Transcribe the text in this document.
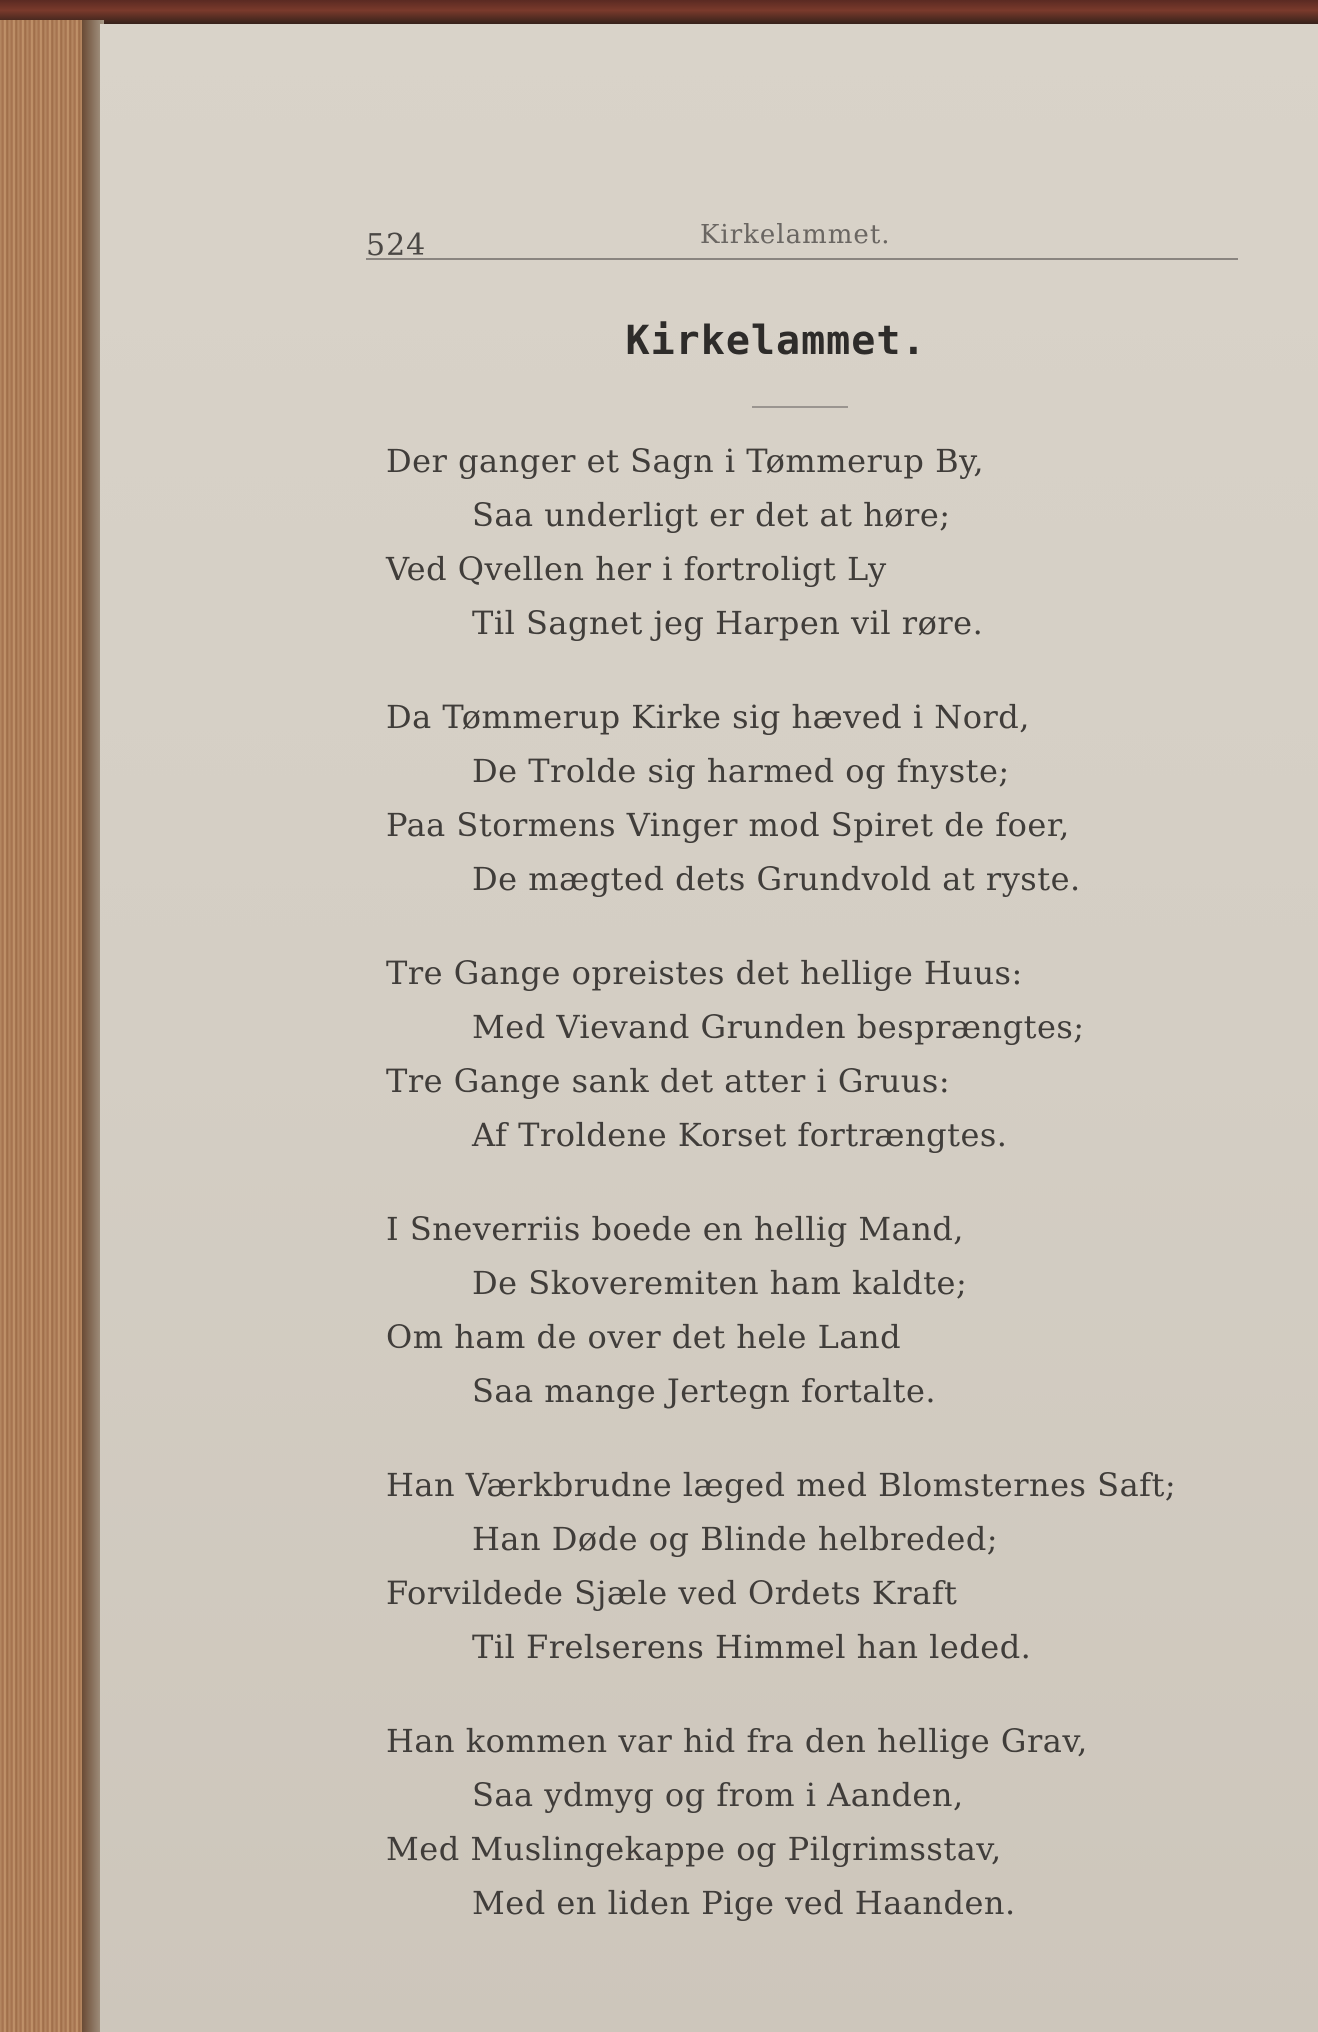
524	Kirkelammet.
Kirkelammet.
Der ganger et Sagn i Tømmerup By,
Saa underligt er det at høre;
Ved Qvellen her i fortroligt Ly
Til Sagnet jeg Harpen vil røre.
Da Tømmerup Kirke sig hæved i Nord,
De Trolde sig harmed og fnyste;
Paa Stormens Vinger mod Spiret de foer,
De mægted dets Grundvold at ryste.
Tre Gange opreistes det hellige Huus:
Med Vievand Grunden besprængtes;
Tre Gange sank det atter i Gruus:
Af Troldene Korset fortrængtes.
I Sneverriis boede en hellig Mand,
De Skoveremiten ham kaldte;
Om ham de over det hele Land
Saa mange Jertegn fortalte.
Han Værkbrudne læged med Blomsternes Saft;
Han Døde og Blinde helbreded;
Forvildede Sjæle ved Ordets Kraft
Til Frelserens Himmel han leded.
Han kommen var hid fra den hellige Grav,
Saa ydmyg og from i Aanden,
Med Muslingekappe og Pilgrimsstav,
Med en liden Pige ved Haanden.
